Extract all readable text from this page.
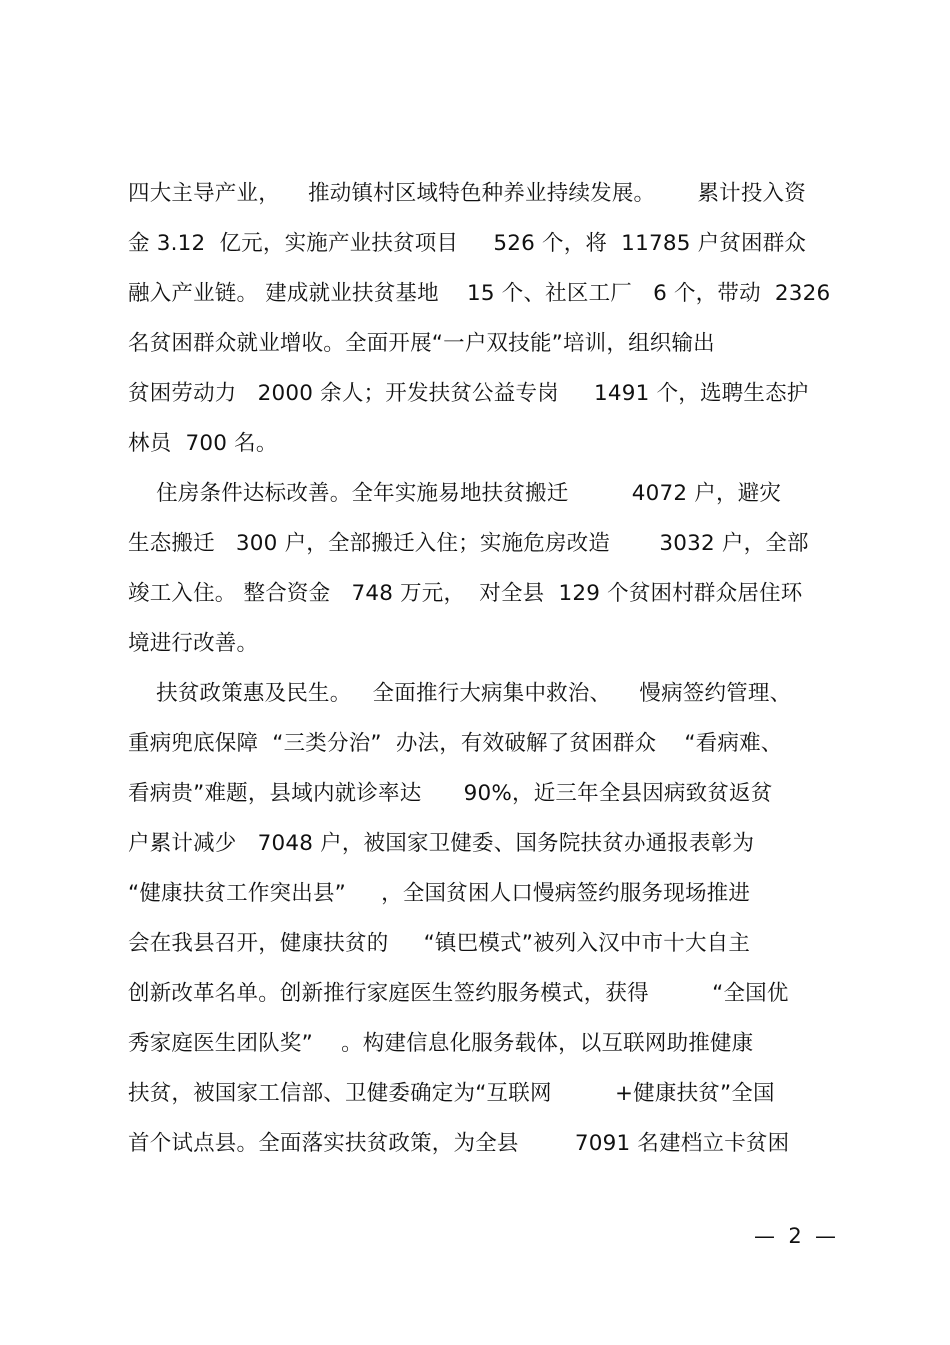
四大主导产业，    推动镇村区域特色种养业持续发展。      累计投入资
金 3.12  亿元，实施产业扶贫项目     526 个，将  11785 户贫困群众
融入产业链。 建成就业扶贫基地    15 个、社区工厂   6 个，带动  2326
名贫困群众就业增收。全面开展“一户双技能”培训，组织输出
贫困劳动力   2000 余人；开发扶贫公益专岗     1491 个，选聘生态护
林员  700 名。
住房条件达标改善。全年实施易地扶贫搬迁         4072 户，避灾
生态搬迁   300 户，全部搬迁入住；实施危房改造       3032 户，全部
竣工入住。 整合资金   748 万元，  对全县  129 个贫困村群众居住环
境进行改善。
扶贫政策惠及民生。   全面推行大病集中救治、    慢病签约管理、
重病兜底保障  “三类分治”  办法，有效破解了贫困群众    “看病难、
看病贵”难题，县域内就诊率达      90%，近三年全县因病致贫返贫
户累计减少   7048 户，被国家卫健委、国务院扶贫办通报表彰为
“健康扶贫工作突出县”     ，全国贫困人口慢病签约服务现场推进
会在我县召开，健康扶贫的     “镇巴模式”被列入汉中市十大自主
创新改革名单。创新推行家庭医生签约服务模式，获得         “全国优
秀家庭医生团队奖”    。构建信息化服务载体，以互联网助推健康
扶贫，被国家工信部、卫健委确定为“互联网         +健康扶贫”全国
首个试点县。全面落实扶贫政策，为全县        7091 名建档立卡贫困
—  2  —
